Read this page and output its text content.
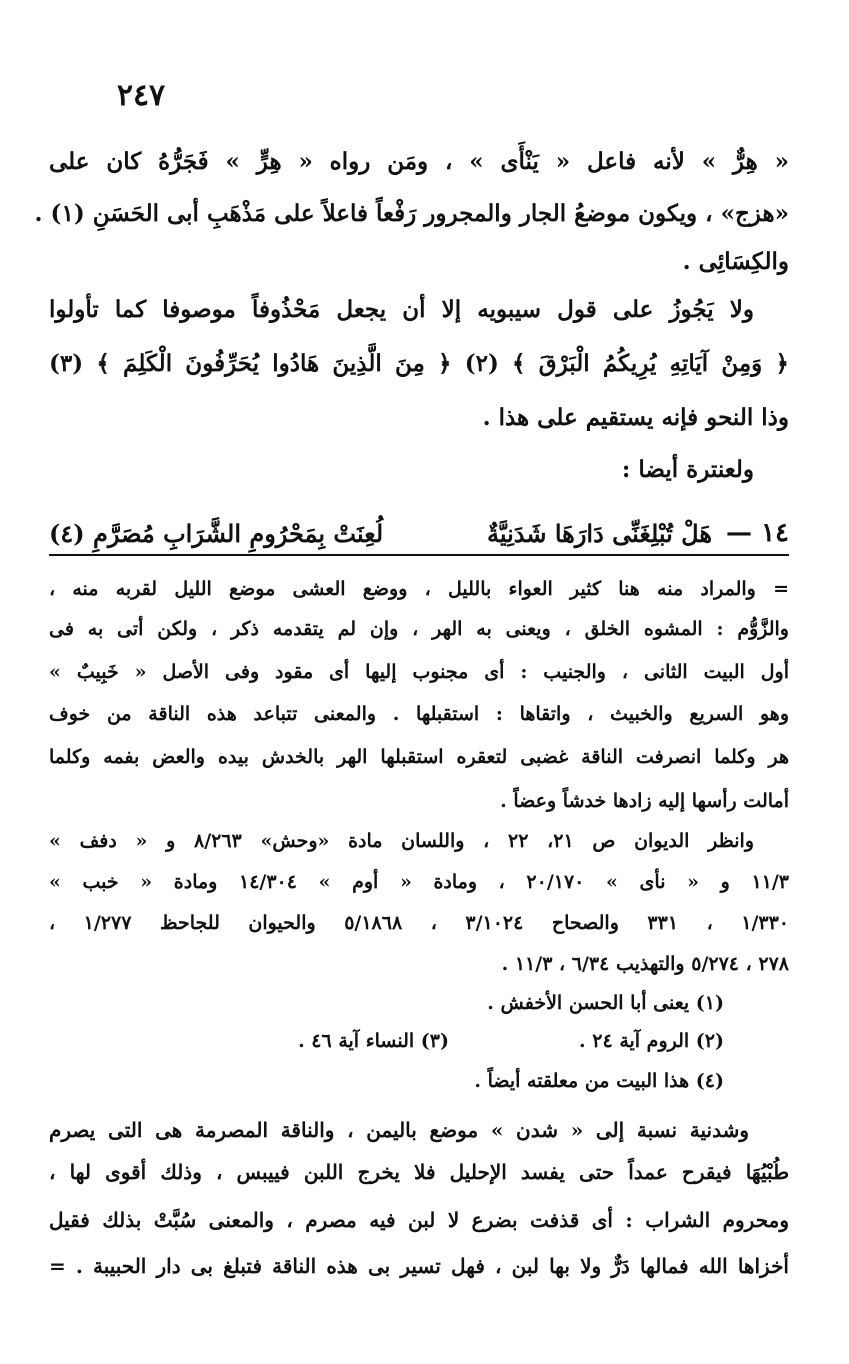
٢٤٧
« هِرٌّ » لأنه فاعل « يَنْأَى » ، ومَن رواه « هِرٍّ » فَجَرُّهُ كان على
«هزج» ، ويكون موضعُ الجار والمجرور رَفْعاً فاعلاً على مَذْهَبِ أبى الحَسَنِ (١) .
والكِسَائِى .
ولا يَجُوزُ على قول سيبويه إلا أن يجعل مَحْذُوفاً موصوفا كما تأولوا
﴿ وَمِنْ آيَاتِهِ يُرِيكُمُ الْبَرْقَ ﴾ (٢) ﴿ مِنَ الَّذِينَ هَادُوا يُحَرِّفُونَ الْكَلِمَ ﴾ (٣)
وذا النحو فإنه يستقيم على هذا .
ولعنترة أيضا :
١٤ —
هَلْ تُبْلِغَنِّى دَارَهَا شَدَنِيَّةٌ
لُعِنَتْ بِمَحْرُومِ الشَّرَابِ مُصَرَّمِ (٤)
= والمراد منه هنا كثير العواء بالليل ، ووضع العشى موضع الليل لقربه منه ،
والزَّوُّم : المشوه الخلق ، ويعنى به الهر ، وإن لم يتقدمه ذكر ، ولكن أتى به فى
أول البيت الثانى ، والجنيب : أى مجنوب إليها أى مقود وفى الأصل « خَبِيبٌ »
وهو السريع والخبيث ، واتقاها : استقبلها . والمعنى تتباعد هذه الناقة من خوف
هر وكلما انصرفت الناقة غضبى لتعقره استقبلها الهر بالخدش بيده والعض بفمه وكلما
أمالت رأسها إليه زادها خدشاً وعضاً .
وانظر الديوان ص ٢١، ٢٢ ، واللسان مادة «وحش» ٨/٢٦٣ و « دفف »
١١/٣ و « نأى » ٢٠/١٧٠ ، ومادة « أوم » ١٤/٣٠٤ ومادة « خبب »
١/٣٣٠ ، ٣٣١ والصحاح ٣/١٠٢٤ ، ٥/١٨٦٨ والحيوان للجاحظ ١/٢٧٧ ،
٢٧٨ ، ٥/٢٧٤ والتهذيب ٦/٣٤ ، ١١/٣ .
(١) يعنى أبا الحسن الأخفش .
(٢) الروم آية ٢٤ .
(٣) النساء آية ٤٦ .
(٤) هذا البيت من معلقته أيضاً .
وشدنية نسبة إلى « شدن » موضع باليمن ، والناقة المصرمة هى التى يصرم
طُبْيُهَا فيقرح عمداً حتى يفسد الإحليل فلا يخرج اللبن فييبس ، وذلك أقوى لها ،
ومحروم الشراب : أى قذفت بضرع لا لبن فيه مصرم ، والمعنى سُبَّتْ بذلك فقيل
أخزاها الله فمالها دَرٌّ ولا بها لبن ، فهل تسير بى هذه الناقة فتبلغ بى دار الحبيبة . =
